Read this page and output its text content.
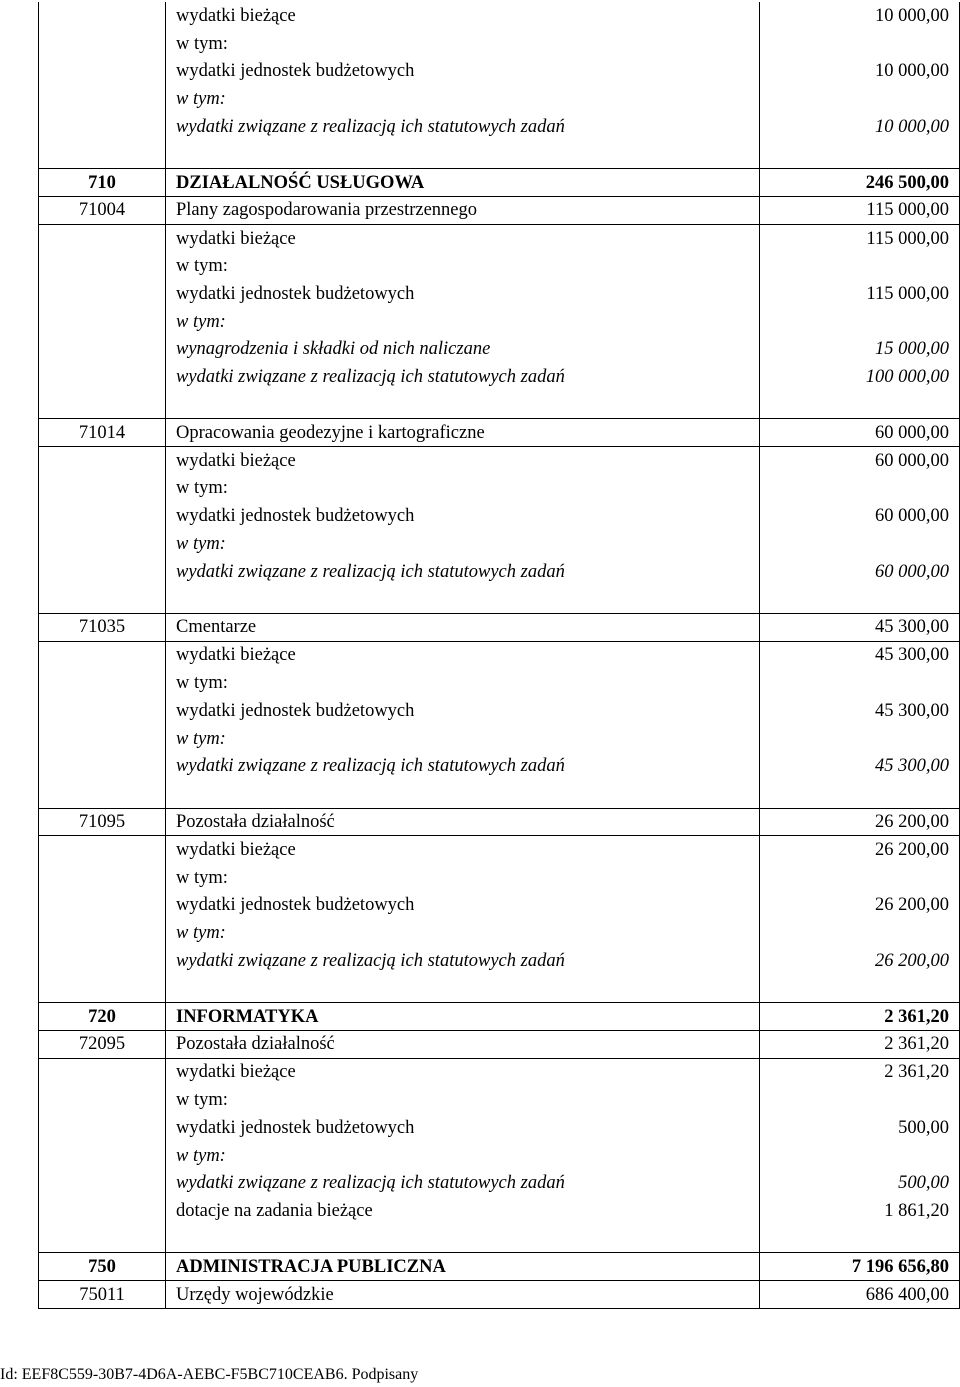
	wydatki bieżące	10 000,00
	w tym:	
	wydatki jednostek budżetowych	10 000,00
	w tym:	
	wydatki związane z realizacją ich statutowych zadań	10 000,00

710	DZIAŁALNOŚĆ USŁUGOWA	246 500,00
71004	Plany zagospodarowania przestrzennego	115 000,00
	wydatki bieżące	115 000,00
	w tym:	
	wydatki jednostek budżetowych	115 000,00
	w tym:	
	wynagrodzenia i składki od nich naliczane	15 000,00
	wydatki związane z realizacją ich statutowych zadań	100 000,00

71014	Opracowania geodezyjne i kartograficzne	60 000,00
	wydatki bieżące	60 000,00
	w tym:	
	wydatki jednostek budżetowych	60 000,00
	w tym:	
	wydatki związane z realizacją ich statutowych zadań	60 000,00

71035	Cmentarze	45 300,00
	wydatki bieżące	45 300,00
	w tym:	
	wydatki jednostek budżetowych	45 300,00
	w tym:	
	wydatki związane z realizacją ich statutowych zadań	45 300,00

71095	Pozostała działalność	26 200,00
	wydatki bieżące	26 200,00
	w tym:	
	wydatki jednostek budżetowych	26 200,00
	w tym:	
	wydatki związane z realizacją ich statutowych zadań	26 200,00

720	INFORMATYKA	2 361,20
72095	Pozostała działalność	2 361,20
	wydatki bieżące	2 361,20
	w tym:	
	wydatki jednostek budżetowych	500,00
	w tym:	
	wydatki związane z realizacją ich statutowych zadań	500,00
	dotacje na zadania bieżące	1 861,20

750	ADMINISTRACJA PUBLICZNA	7 196 656,80
75011	Urzędy wojewódzkie	686 400,00
Id: EEF8C559-30B7-4D6A-AEBC-F5BC710CEAB6. Podpisany
